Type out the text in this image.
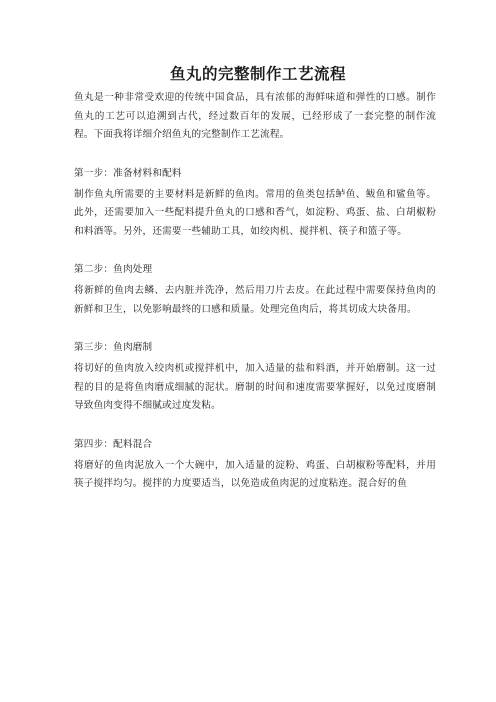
鱼丸的完整制作工艺流程

鱼丸是一种非常受欢迎的传统中国食品，具有浓郁的海鲜味道和弹性的口感。制作鱼丸的工艺可以追溯到古代，经过数百年的发展，已经形成了一套完整的制作流程。下面我将详细介绍鱼丸的完整制作工艺流程。

第一步：准备材料和配料

制作鱼丸所需要的主要材料是新鲜的鱼肉。常用的鱼类包括鲈鱼、鲅鱼和鲨鱼等。此外，还需要加入一些配料提升鱼丸的口感和香气，如淀粉、鸡蛋、盐、白胡椒粉和料酒等。另外，还需要一些辅助工具，如绞肉机、搅拌机、筷子和篮子等。

第二步：鱼肉处理

将新鲜的鱼肉去鳞、去内脏并洗净，然后用刀片去皮。在此过程中需要保持鱼肉的新鲜和卫生，以免影响最终的口感和质量。处理完鱼肉后，将其切成大块备用。

第三步：鱼肉磨制

将切好的鱼肉放入绞肉机或搅拌机中，加入适量的盐和料酒，并开始磨制。这一过程的目的是将鱼肉磨成细腻的泥状。磨制的时间和速度需要掌握好，以免过度磨制导致鱼肉变得不细腻或过度发粘。

第四步：配料混合

将磨好的鱼肉泥放入一个大碗中，加入适量的淀粉、鸡蛋、白胡椒粉等配料，并用筷子搅拌均匀。搅拌的力度要适当，以免造成鱼肉泥的过度粘连。混合好的鱼
